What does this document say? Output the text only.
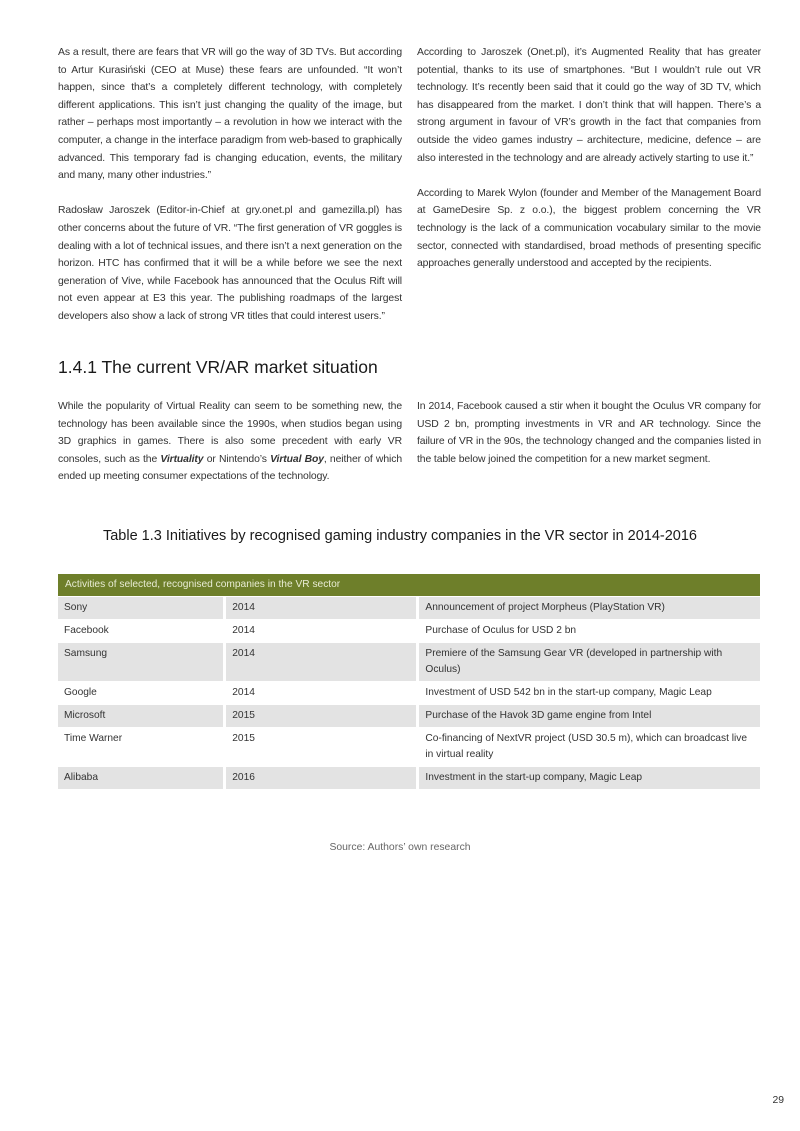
As a result, there are fears that VR will go the way of 3D TVs. But according to Artur Kurasiński (CEO at Muse) these fears are unfounded. “It won’t happen, since that’s a completely different technology, with completely different applications. This isn’t just changing the quality of the image, but rather – perhaps most importantly – a revolution in how we interact with the computer, a change in the interface paradigm from web-based to graphically advanced. This temporary fad is changing education, events, the military and many, many other industries.”

Radosław Jaroszek (Editor-in-Chief at gry.onet.pl and gamezilla.pl) has other concerns about the future of VR. “The first generation of VR goggles is dealing with a lot of technical issues, and there isn’t a next generation on the horizon. HTC has confirmed that it will be a while before we see the next generation of Vive, while Facebook has announced that the Oculus Rift will not even appear at E3 this year. The publishing roadmaps of the largest developers also show a lack of strong VR titles that could interest users.”

According to Jaroszek (Onet.pl), it’s Augmented Reality that has greater potential, thanks to its use of smartphones. “But I wouldn’t rule out VR technology. It’s recently been said that it could go the way of 3D TV, which has disappeared from the market. I don’t think that will happen. There’s a strong argument in favour of VR’s growth in the fact that companies from outside the video games industry – architecture, medicine, defence – are also interested in the technology and are already actively starting to use it.”

According to Marek Wylon (founder and Member of the Management Board at GameDesire Sp. z o.o.), the biggest problem concerning the VR technology is the lack of a communication vocabulary similar to the movie sector, connected with standardised, broad methods of presenting specific approaches generally understood and accepted by the recipients.

1.4.1 The current VR/AR market situation

While the popularity of Virtual Reality can seem to be something new, the technology has been available since the 1990s, when studios began using 3D graphics in games. There is also some precedent with early VR consoles, such as the Virtuality or Nintendo’s Virtual Boy, neither of which ended up meeting consumer expectations of the technology.

In 2014, Facebook caused a stir when it bought the Oculus VR company for USD 2 bn, prompting investments in VR and AR technology. Since the failure of VR in the 90s, the technology changed and the companies listed in the table below joined the competition for a new market segment.

Table 1.3 Initiatives by recognised gaming industry companies in the VR sector in 2014-2016
Activities of selected, recognised companies in the VR sector		
Sony	2014	Announcement of project Morpheus (PlayStation VR)
Facebook	2014	Purchase of Oculus for USD 2 bn
Samsung	2014	Premiere of the Samsung Gear VR (developed in partnership with Oculus)
Google	2014	Investment of USD 542 bn in the start-up company, Magic Leap
Microsoft	2015	Purchase of the Havok 3D game engine from Intel
Time Warner	2015	Co-financing of NextVR project (USD 30.5 m), which can broadcast live in virtual reality
Alibaba	2016	Investment in the start-up company, Magic Leap
Source: Authors’ own research
29
